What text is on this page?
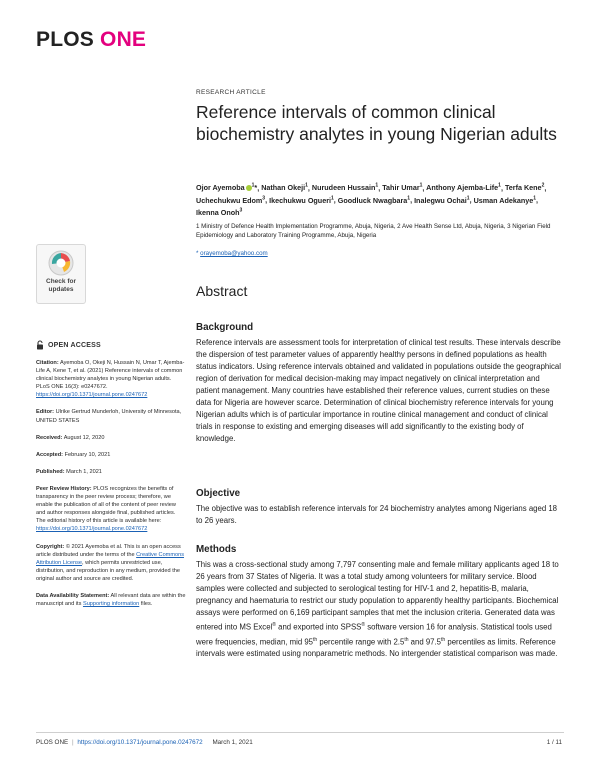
PLOS ONE
Check for
updates
OPEN ACCESS

Citation: Ayemoba O, Okeji N, Hussain N, Umar T, Ajemba-Life A, Kene T, et al. (2021) Reference intervals of common clinical biochemistry analytes in young Nigerian adults. PLoS ONE 16(3): e0247672. https://doi.org/10.1371/journal.pone.0247672

Editor: Ulrike Gertrud Munderloh, University of Minnesota, UNITED STATES

Received: August 12, 2020

Accepted: February 10, 2021

Published: March 1, 2021

Peer Review History: PLOS recognizes the benefits of transparency in the peer review process; therefore, we enable the publication of all of the content of peer review and author responses alongside final, published articles. The editorial history of this article is available here: https://doi.org/10.1371/journal.pone.0247672

Copyright: © 2021 Ayemoba et al. This is an open access article distributed under the terms of the Creative Commons Attribution License, which permits unrestricted use, distribution, and reproduction in any medium, provided the original author and source are credited.

Data Availability Statement: All relevant data are within the manuscript and its Supporting information files.

RESEARCH ARTICLE
Reference intervals of common clinical biochemistry analytes in young Nigerian adults
Ojor Ayemoba $^1$*, Nathan Okeji$^1$, Nurudeen Hussain$^1$, Tahir Umar$^1$, Anthony Ajemba-Life$^1$, Terfa Kene$^2$, Uchechukwu Edom$^3$, Ikechukwu Ogueri$^1$, Goodluck Nwagbara$^1$, Inalegwu Ochai$^1$, Usman Adekanye$^1$, Ikenna Onoh$^3$
1 Ministry of Defence Health Implementation Programme, Abuja, Nigeria, 2 Ave Health Sense Ltd, Abuja, Nigeria, 3 Nigerian Field Epidemiology and Laboratory Training Programme, Abuja, Nigeria
* orayemoba@yahoo.com
Abstract
Background
Reference intervals are assessment tools for interpretation of clinical test results. These intervals describe the dispersion of test parameter values of apparently healthy persons in defined populations as health status indicators. Using reference intervals obtained and validated in populations outside the geographical region of derivation for medical decision-making may impact negatively on clinical interpretation and patient management. Many countries have established their reference values, current studies on these data for Nigeria are however scarce. Determination of clinical biochemistry reference intervals for young Nigerian adults which is of particular importance in routine clinical management and conduct of clinical trials in response to existing and emerging diseases will add significantly to the existing body of knowledge.
Objective
The objective was to establish reference intervals for 24 biochemistry analytes among Nigerians aged 18 to 26 years.
Methods
This was a cross-sectional study among 7,797 consenting male and female military applicants aged 18 to 26 years from 37 States of Nigeria. It was a total study among volunteers for military service. Blood samples were collected and subjected to serological testing for HIV-1 and 2, hepatitis-B, malaria, pregnancy and haematuria to restrict our study population to apparently healthy participants. Biochemical assays were performed on 6,169 participant samples that met the inclusion criteria. Generated data was entered into MS Excel® and exported into SPSS® software version 16 for analysis. Statistical tools used were frequencies, median, mid 95th percentile range with 2.5th and 97.5th percentiles as limits. Reference intervals were estimated using nonparametric methods. No intergender statistical comparison was made.
PLOS ONE | https://doi.org/10.1371/journal.pone.0247672 March 1, 2021	1 / 11
